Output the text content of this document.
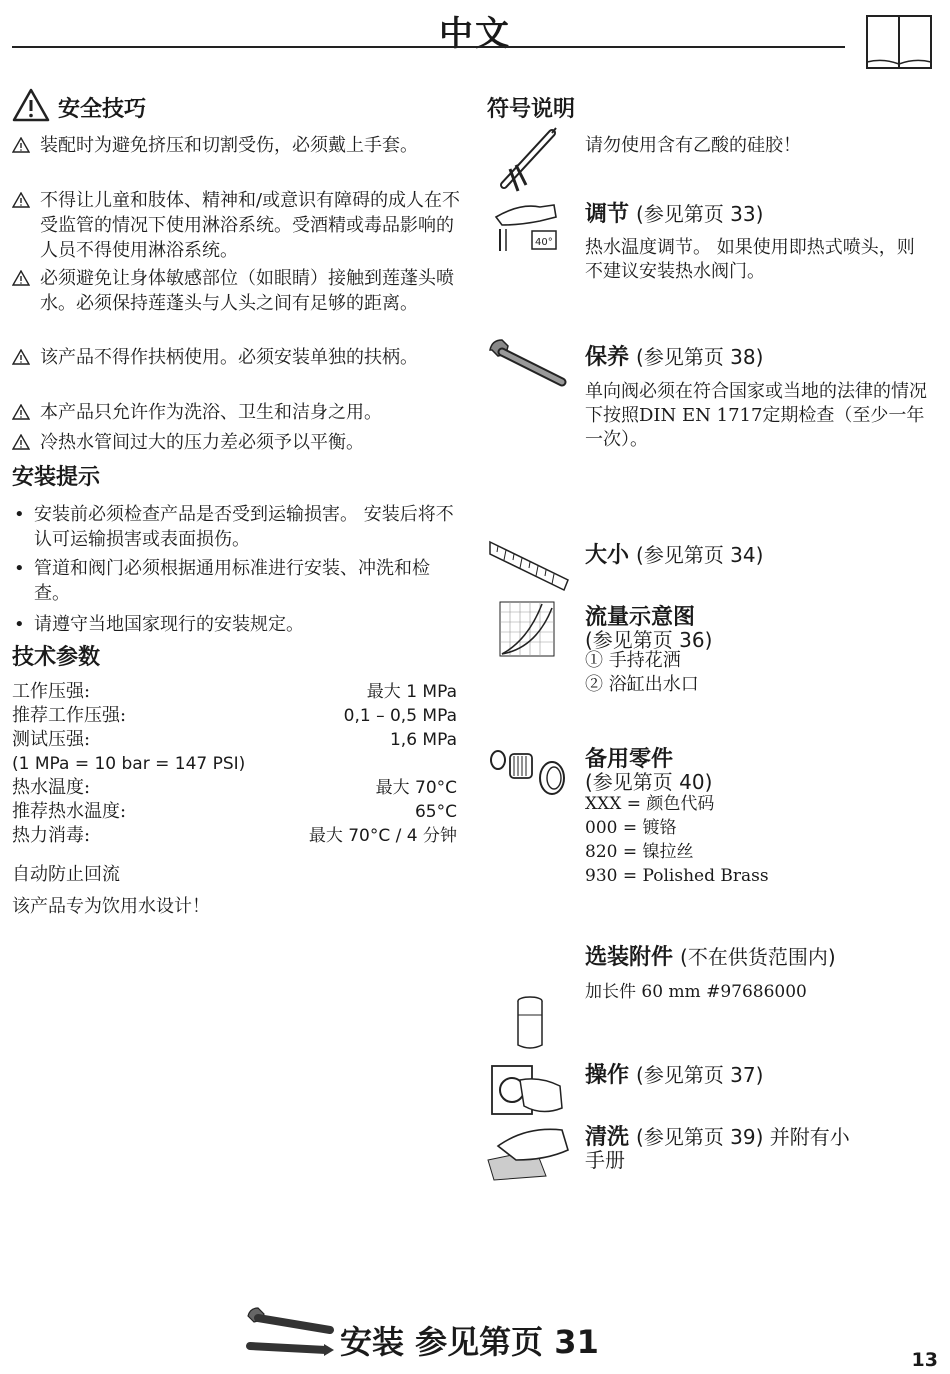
中文
安全技巧
装配时为避免挤压和切割受伤，必须戴上手套。
不得让儿童和肢体、精神和/或意识有障碍的成人在不受监管的情况下使用淋浴系统。受酒精或毒品影响的人员不得使用淋浴系统。
必须避免让身体敏感部位（如眼睛）接触到莲蓬头喷水。必须保持莲蓬头与人头之间有足够的距离。
该产品不得作扶柄使用。必须安装单独的扶柄。
本产品只允许作为洗浴、卫生和洁身之用。
冷热水管间过大的压力差必须予以平衡。
安装提示
• 安装前必须检查产品是否受到运输损害。 安装后将不认可运输损害或表面损伤。
• 管道和阀门必须根据通用标准进行安装、冲洗和检查。
• 请遵守当地国家现行的安装规定。
技术参数
工作压强:	最大 1 MPa
推荐工作压强:	0,1 – 0,5 MPa
测试压强:	1,6 MPa
(1 MPa = 10 bar = 147 PSI)
热水温度:	最大 70°C
推荐热水温度:	65°C
热力消毒:	最大 70°C / 4 分钟
自动防止回流
该产品专为饮用水设计！
符号说明
请勿使用含有乙酸的硅胶！
40°
调节 (参见第页 33)
热水温度调节。 如果使用即热式喷头，则不建议安装热水阀门。
保养 (参见第页 38)
单向阀必须在符合国家或当地的法律的情况下按照DIN EN 1717定期检查（至少一年一次）。
大小 (参见第页 34)
流量示意图
(参见第页 36)
① 手持花洒
② 浴缸出水口
备用零件
(参见第页 40)
XXX = 颜色代码
000 = 镀铬
820 = 镍拉丝
930 = Polished Brass
选装附件 (不在供货范围内)
加长件 60 mm #97686000
操作 (参见第页 37)
清洗 (参见第页 39) 并附有小
手册
安装 参见第页 31	13
